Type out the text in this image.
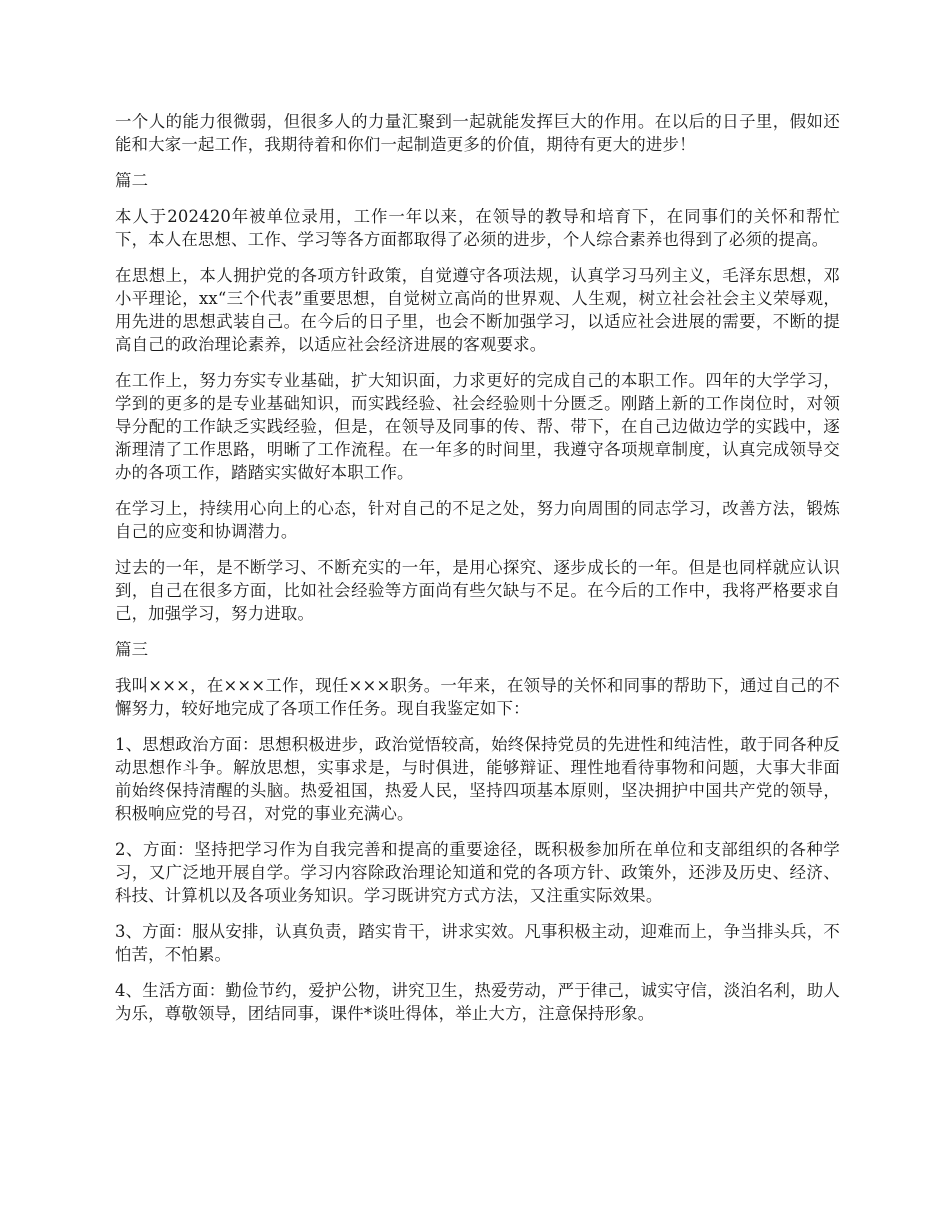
一个人的能力很微弱，但很多人的力量汇聚到一起就能发挥巨大的作用。在以后的日子里，假如还能和大家一起工作，我期待着和你们一起制造更多的价值，期待有更大的进步！

篇二

本人于202420年被单位录用，工作一年以来，在领导的教导和培育下，在同事们的关怀和帮忙下，本人在思想、工作、学习等各方面都取得了必须的进步，个人综合素养也得到了必须的提高。

在思想上，本人拥护党的各项方针政策，自觉遵守各项法规，认真学习马列主义，毛泽东思想，邓小平理论，xx“三个代表”重要思想，自觉树立高尚的世界观、人生观，树立社会社会主义荣辱观，用先进的思想武装自己。在今后的日子里，也会不断加强学习，以适应社会进展的需要，不断的提高自己的政治理论素养，以适应社会经济进展的客观要求。

在工作上，努力夯实专业基础，扩大知识面，力求更好的完成自己的本职工作。四年的大学学习，学到的更多的是专业基础知识，而实践经验、社会经验则十分匮乏。刚踏上新的工作岗位时，对领导分配的工作缺乏实践经验，但是，在领导及同事的传、帮、带下，在自己边做边学的实践中，逐渐理清了工作思路，明晰了工作流程。在一年多的时间里，我遵守各项规章制度，认真完成领导交办的各项工作，踏踏实实做好本职工作。

在学习上，持续用心向上的心态，针对自己的不足之处，努力向周围的同志学习，改善方法，锻炼自己的应变和协调潜力。

过去的一年，是不断学习、不断充实的一年，是用心探究、逐步成长的一年。但是也同样就应认识到，自己在很多方面，比如社会经验等方面尚有些欠缺与不足。在今后的工作中，我将严格要求自己，加强学习，努力进取。

篇三

我叫×××，在×××工作，现任×××职务。一年来，在领导的关怀和同事的帮助下，通过自己的不懈努力，较好地完成了各项工作任务。现自我鉴定如下：

1、思想政治方面：思想积极进步，政治觉悟较高，始终保持党员的先进性和纯洁性，敢于同各种反动思想作斗争。解放思想，实事求是，与时俱进，能够辩证、理性地看待事物和问题，大事大非面前始终保持清醒的头脑。热爱祖国，热爱人民，坚持四项基本原则，坚决拥护中国共产党的领导，积极响应党的号召，对党的事业充满心。

2、方面：坚持把学习作为自我完善和提高的重要途径，既积极参加所在单位和支部组织的各种学习，又广泛地开展自学。学习内容除政治理论知道和党的各项方针、政策外，还涉及历史、经济、科技、计算机以及各项业务知识。学习既讲究方式方法，又注重实际效果。

3、方面：服从安排，认真负责，踏实肯干，讲求实效。凡事积极主动，迎难而上，争当排头兵，不怕苦，不怕累。

4、生活方面：勤俭节约，爱护公物，讲究卫生，热爱劳动，严于律己，诚实守信，淡泊名利，助人为乐，尊敬领导，团结同事，课件*谈吐得体，举止大方，注意保持形象。
